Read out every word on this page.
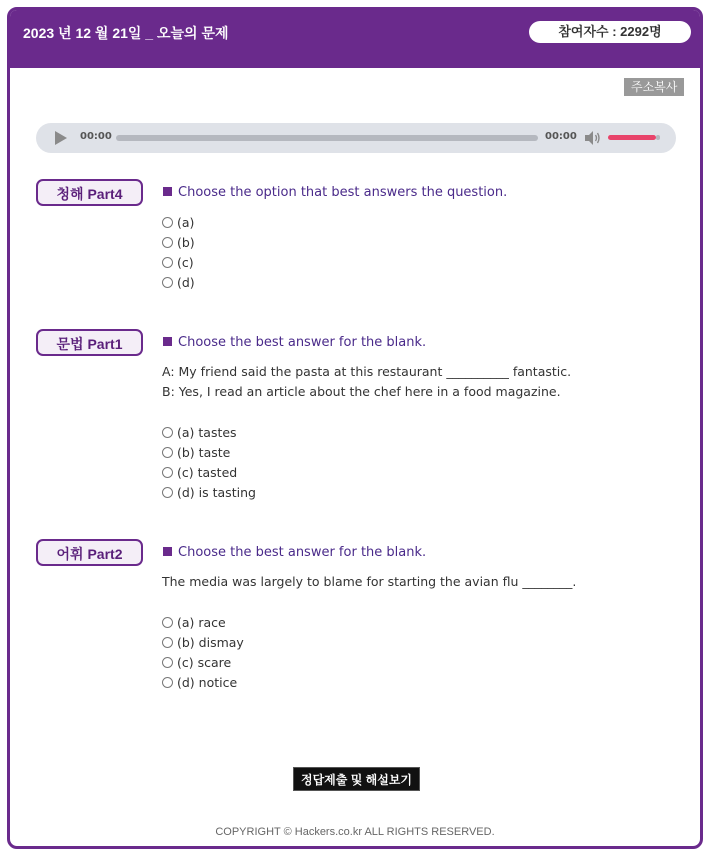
2023 년 12 월 21일 _ 오늘의 문제	참여자수 : 2292명
주소복사
00:00	00:00
청해 Part4	Choose the option that best answers the question.
(a)
(b)
(c)
(d)
문법 Part1	Choose the best answer for the blank.
A: My friend said the pasta at this restaurant __________ fantastic.
B: Yes, I read an article about the chef here in a food magazine.
(a) tastes
(b) taste
(c) tasted
(d) is tasting
어휘 Part2	Choose the best answer for the blank.
The media was largely to blame for starting the avian flu ________.
(a) race
(b) dismay
(c) scare
(d) notice
정답제출 및 해설보기
COPYRIGHT © Hackers.co.kr ALL RIGHTS RESERVED.
